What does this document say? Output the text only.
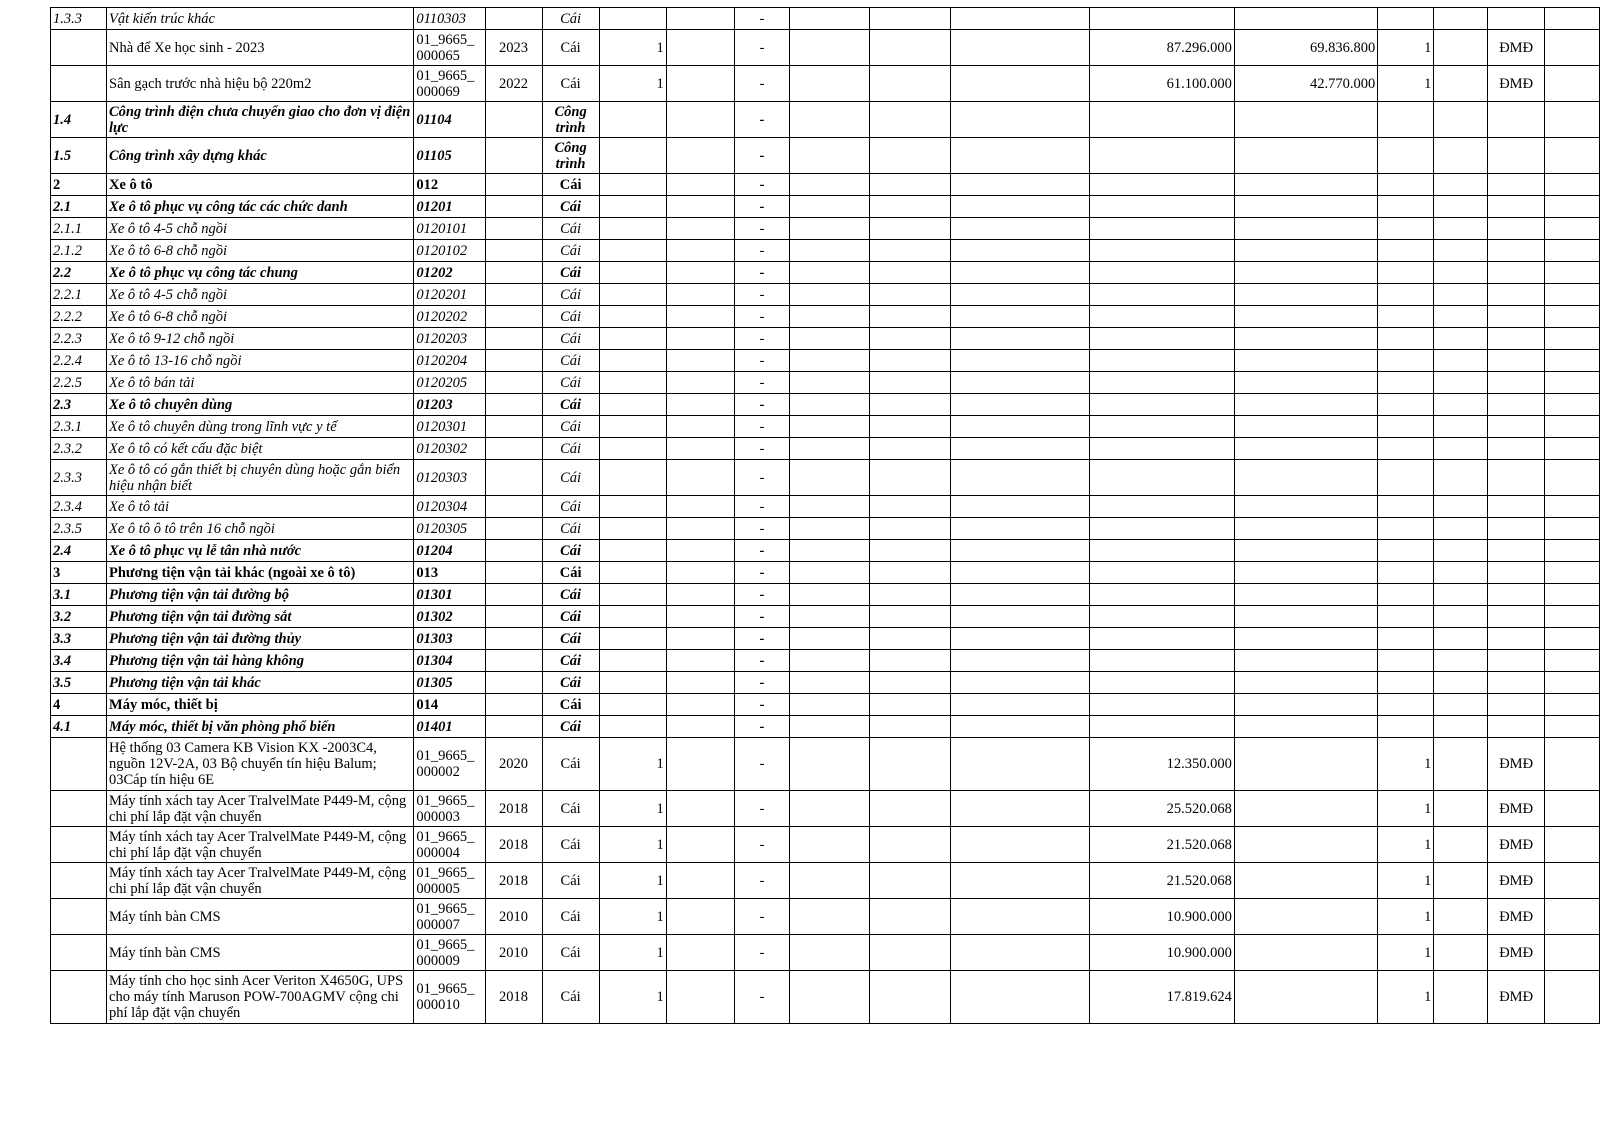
1.3.3	Vật kiến trúc khác	0110303		Cái			-									
	Nhà để Xe học sinh - 2023	01_9665_ 000065	2023	Cái	1		-				87.296.000	69.836.800	1		ĐMĐ	
	Sân gạch trước nhà hiệu bộ 220m2	01_9665_ 000069	2022	Cái	1		-				61.100.000	42.770.000	1		ĐMĐ	
1.4	Công trình điện chưa chuyển giao cho đơn vị điện lực	01104		Công trình			-									
1.5	Công trình xây dựng khác	01105		Công trình			-									
2	Xe ô tô	012		Cái			-									
2.1	Xe ô tô phục vụ công tác các chức danh	01201		Cái			-									
2.1.1	Xe ô tô 4-5 chỗ ngồi	0120101		Cái			-									
2.1.2	Xe ô tô 6-8 chỗ ngồi	0120102		Cái			-									
2.2	Xe ô tô phục vụ công tác chung	01202		Cái			-									
2.2.1	Xe ô tô 4-5 chỗ ngồi	0120201		Cái			-									
2.2.2	Xe ô tô 6-8 chỗ ngồi	0120202		Cái			-									
2.2.3	Xe ô tô 9-12 chỗ ngồi	0120203		Cái			-									
2.2.4	Xe ô tô 13-16 chỗ ngồi	0120204		Cái			-									
2.2.5	Xe ô tô bán tải	0120205		Cái			-									
2.3	Xe ô tô chuyên dùng	01203		Cái			-									
2.3.1	Xe ô tô chuyên dùng trong lĩnh vực y tế	0120301		Cái			-									
2.3.2	Xe ô tô có kết cấu đặc biệt	0120302		Cái			-									
2.3.3	Xe ô tô có gắn thiết bị chuyên dùng hoặc gắn biển hiệu nhận biết	0120303		Cái			-									
2.3.4	Xe ô tô tải	0120304		Cái			-									
2.3.5	Xe ô tô ô tô trên 16 chỗ ngồi	0120305		Cái			-									
2.4	Xe ô tô phục vụ lễ tân nhà nước	01204		Cái			-									
3	Phương tiện vận tải khác (ngoài xe ô tô)	013		Cái			-									
3.1	Phương tiện vận tải đường bộ	01301		Cái			-									
3.2	Phương tiện vận tải đường sắt	01302		Cái			-									
3.3	Phương tiện vận tải đường thủy	01303		Cái			-									
3.4	Phương tiện vận tải hàng không	01304		Cái			-									
3.5	Phương tiện vận tải khác	01305		Cái			-									
4	Máy móc, thiết bị	014		Cái			-									
4.1	Máy móc, thiết bị văn phòng phổ biến	01401		Cái			-									
	Hệ thống 03 Camera KB Vision KX -2003C4, nguồn 12V-2A, 03 Bộ chuyển tín hiệu Balum; 03Cáp tín hiệu 6E	01_9665_ 000002	2020	Cái	1		-				12.350.000		1		ĐMĐ	
	Máy tính xách tay Acer TralvelMate P449-M, cộng chi phí lắp đặt vận chuyển	01_9665_ 000003	2018	Cái	1		-				25.520.068		1		ĐMĐ	
	Máy tính xách tay Acer TralvelMate P449-M, cộng chi phí lắp đặt vận chuyển	01_9665_ 000004	2018	Cái	1		-				21.520.068		1		ĐMĐ	
	Máy tính xách tay Acer TralvelMate P449-M, cộng chi phí lắp đặt vận chuyển	01_9665_ 000005	2018	Cái	1		-				21.520.068		1		ĐMĐ	
	Máy tính bàn CMS	01_9665_ 000007	2010	Cái	1		-				10.900.000		1		ĐMĐ	
	Máy tính bàn CMS	01_9665_ 000009	2010	Cái	1		-				10.900.000		1		ĐMĐ	
	Máy tính cho học sinh Acer Veriton X4650G, UPS cho máy tính Maruson POW-700AGMV cộng chi phí lắp đặt vận chuyển	01_9665_ 000010	2018	Cái	1		-				17.819.624		1		ĐMĐ	
